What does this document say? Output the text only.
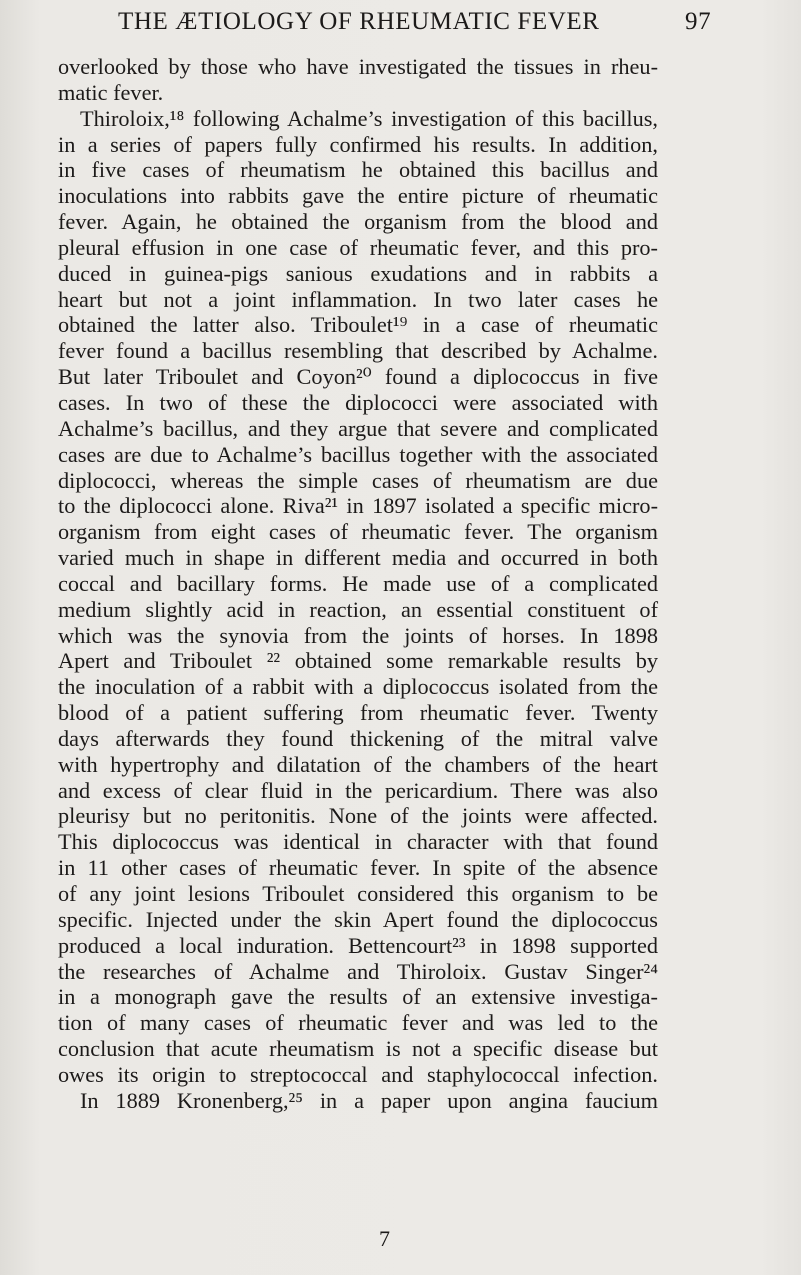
THE ÆTIOLOGY OF RHEUMATIC FEVER	97
overlooked by those who have investigated the tissues in rheu-
matic fever.
Thiroloix,¹⁸ following Achalme’s investigation of this bacillus,
in a series of papers fully confirmed his results. In addition,
in five cases of rheumatism he obtained this bacillus and
inoculations into rabbits gave the entire picture of rheumatic
fever. Again, he obtained the organism from the blood and
pleural effusion in one case of rheumatic fever, and this pro-
duced in guinea-pigs sanious exudations and in rabbits a
heart but not a joint inflammation. In two later cases he
obtained the latter also. Triboulet¹⁹ in a case of rheumatic
fever found a bacillus resembling that described by Achalme.
But later Triboulet and Coyon²⁰ found a diplococcus in five
cases. In two of these the diplococci were associated with
Achalme’s bacillus, and they argue that severe and complicated
cases are due to Achalme’s bacillus together with the associated
diplococci, whereas the simple cases of rheumatism are due
to the diplococci alone. Riva²¹ in 1897 isolated a specific micro-
organism from eight cases of rheumatic fever. The organism
varied much in shape in different media and occurred in both
coccal and bacillary forms. He made use of a complicated
medium slightly acid in reaction, an essential constituent of
which was the synovia from the joints of horses. In 1898
Apert and Triboulet ²² obtained some remarkable results by
the inoculation of a rabbit with a diplococcus isolated from the
blood of a patient suffering from rheumatic fever. Twenty
days afterwards they found thickening of the mitral valve
with hypertrophy and dilatation of the chambers of the heart
and excess of clear fluid in the pericardium. There was also
pleurisy but no peritonitis. None of the joints were affected.
This diplococcus was identical in character with that found
in 11 other cases of rheumatic fever. In spite of the absence
of any joint lesions Triboulet considered this organism to be
specific. Injected under the skin Apert found the diplococcus
produced a local induration. Bettencourt²³ in 1898 supported
the researches of Achalme and Thiroloix. Gustav Singer²⁴
in a monograph gave the results of an extensive investiga-
tion of many cases of rheumatic fever and was led to the
conclusion that acute rheumatism is not a specific disease but
owes its origin to streptococcal and staphylococcal infection.
In 1889 Kronenberg,²⁵ in a paper upon angina faucium
7
